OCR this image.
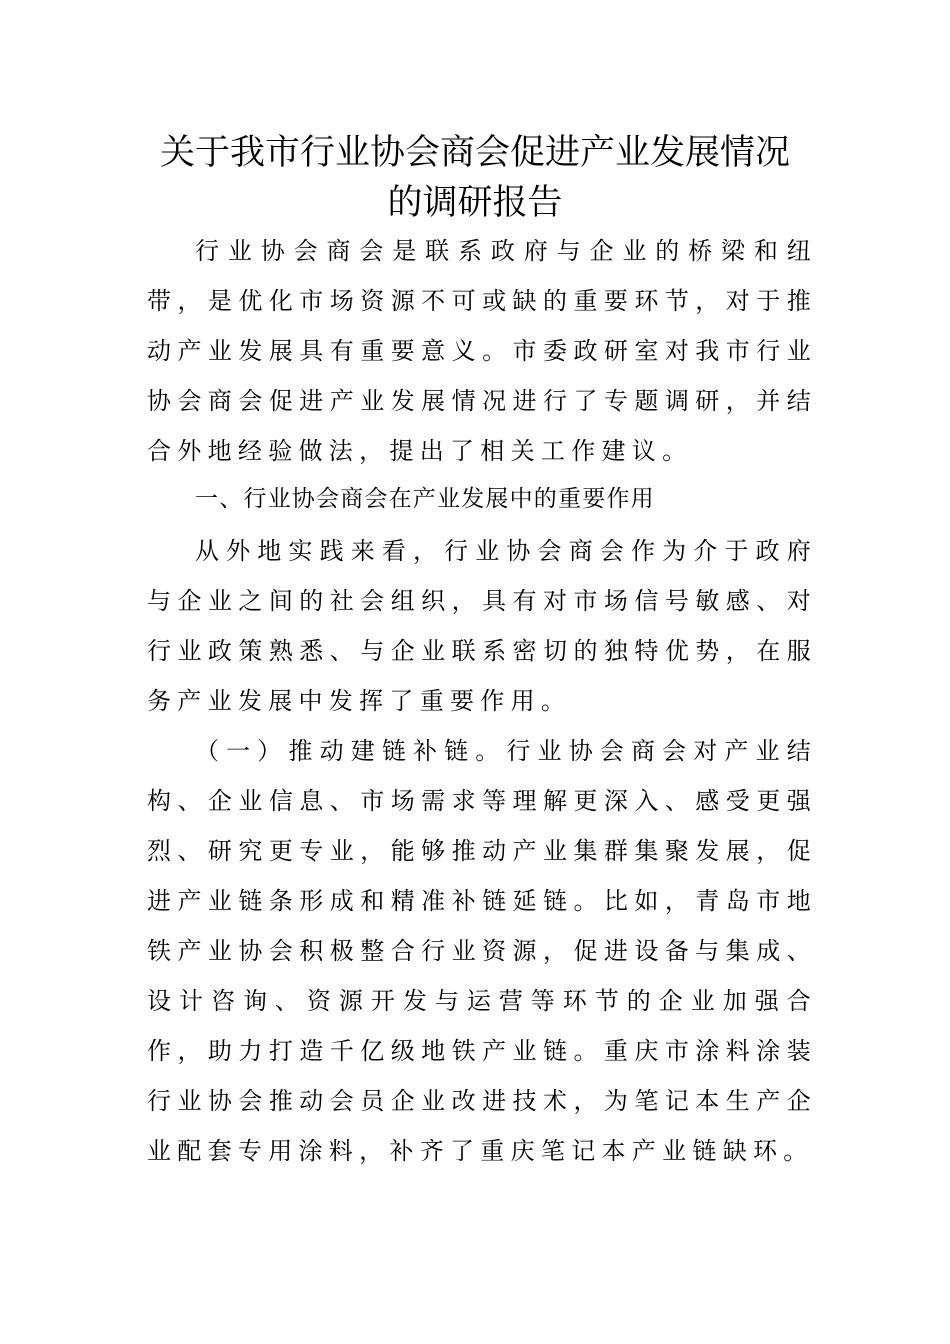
关于我市行业协会商会促进产业发展情况
的调研报告

行业协会商会是联系政府与企业的桥梁和纽带，是优化市场资源不可或缺的重要环节，对于推动产业发展具有重要意义。市委政研室对我市行业协会商会促进产业发展情况进行了专题调研，并结合外地经验做法，提出了相关工作建议。

一、行业协会商会在产业发展中的重要作用

从外地实践来看，行业协会商会作为介于政府与企业之间的社会组织，具有对市场信号敏感、对行业政策熟悉、与企业联系密切的独特优势，在服务产业发展中发挥了重要作用。

（一）推动建链补链。行业协会商会对产业结构、企业信息、市场需求等理解更深入、感受更强烈、研究更专业，能够推动产业集群集聚发展，促进产业链条形成和精准补链延链。比如，青岛市地铁产业协会积极整合行业资源，促进设备与集成、设计咨询、资源开发与运营等环节的企业加强合作，助力打造千亿级地铁产业链。重庆市涂料涂装行业协会推动会员企业改进技术，为笔记本生产企业配套专用涂料，补齐了重庆笔记本产业链缺环。
